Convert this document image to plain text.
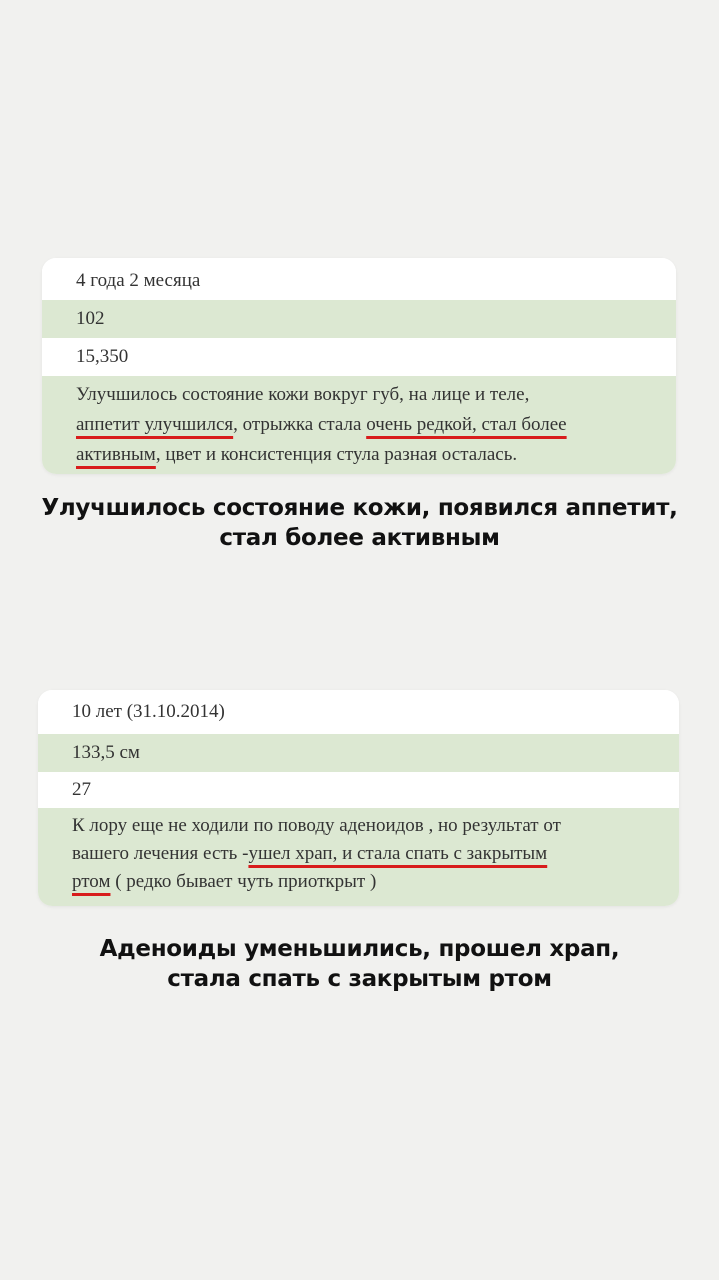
4 года 2 месяца
102
15,350

Улучшилось состояние кожи вокруг губ, на лице и теле,
аппетит улучшился, отрыжка стала очень редкой, стал более
активным, цвет и консистенция стула разная осталась.

Улучшилось состояние кожи, появился аппетит,
стал более активным
10 лет (31.10.2014)
133,5 см
27

К лору еще не ходили по поводу аденоидов , но результат от
вашего лечения есть -ушел храп, и стала спать с закрытым
ртом ( редко бывает чуть приоткрыт )

Аденоиды уменьшились, прошел храп,
стала спать с закрытым ртом
